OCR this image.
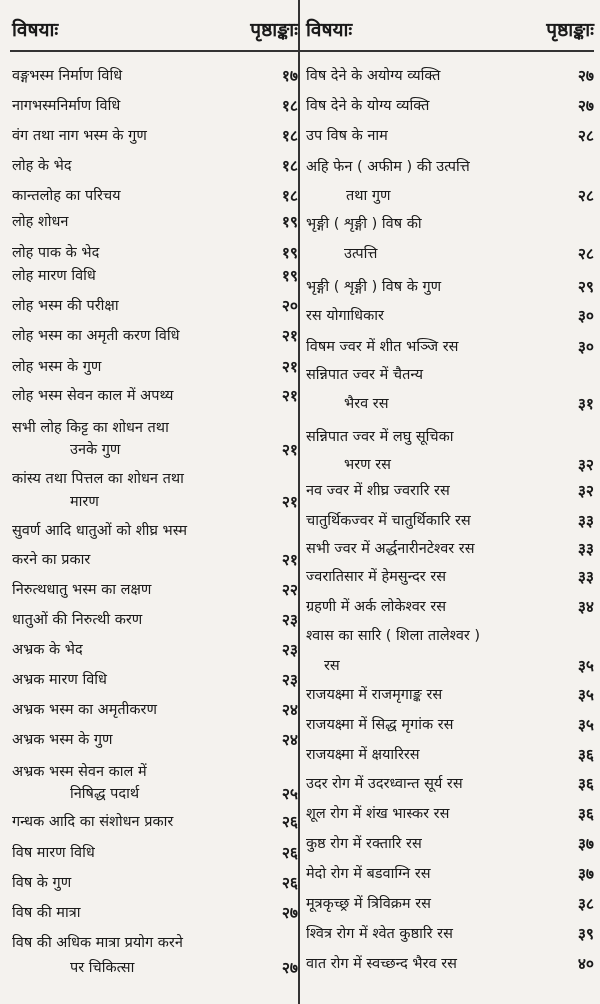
विषयाः	पृष्ठाङ्काः
वङ्गभस्म निर्माण विधि	१७
नागभस्मनिर्माण विधि	१८
वंग तथा नाग भस्म के गुण	१८
लोह के भेद	१८
कान्तलोह का परिचय	१८
लोह शोधन	१९
लोह पाक के भेद	१९
लोह मारण विधि	१९
लोह भस्म की परीक्षा	२०
लोह भस्म का अमृती करण विधि	२१
लोह भस्म के गुण	२१
लोह भस्म सेवन काल में अपथ्य	२१
सभी लोह किट्ट का शोधन तथा
उनके गुण	२१
कांस्य तथा पित्तल का शोधन तथा
मारण	२१
सुवर्ण आदि धातुओं को शीघ्र भस्म
करने का प्रकार	२१
निरुत्थधातु भस्म का लक्षण	२२
धातुओं की निरुत्थी करण	२३
अभ्रक के भेद	२३
अभ्रक मारण विधि	२३
अभ्रक भस्म का अमृतीकरण	२४
अभ्रक भस्म के गुण	२४
अभ्रक भस्म सेवन काल में
निषिद्ध पदार्थ	२५
गन्धक आदि का संशोधन प्रकार	२६
विष मारण विधि	२६
विष के गुण	२६
विष की मात्रा	२७
विष की अधिक मात्रा प्रयोग करने
पर चिकित्सा	२७
विषयाः	पृष्ठाङ्काः
विष देने के अयोग्य व्यक्ति	२७
विष देने के योग्य व्यक्ति	२७
उप विष के नाम	२८
अहि फेन ( अफीम ) की उत्पत्ति
तथा गुण	२८
भृङ्गी ( शृङ्गी ) विष की
उत्पत्ति	२८
भृङ्गी ( शृङ्गी ) विष के गुण	२९
रस योगाधिकार	३०
विषम ज्वर में शीत भञ्जि रस	३०
सन्निपात ज्वर में चैतन्य
भैरव रस	३१
सन्निपात ज्वर में लघु सूचिका
भरण रस	३२
नव ज्वर में शीघ्र ज्वरारि रस	३२
चातुर्थिकज्वर में चातुर्थिकारि रस	३३
सभी ज्वर में अर्द्धनारीनटेश्वर रस	३३
ज्वरातिसार में हेमसुन्दर रस	३३
ग्रहणी में अर्क लोकेश्वर रस	३४
श्वास का सारि ( शिला तालेश्वर )
रस	३५
राजयक्ष्मा में राजमृगाङ्क रस	३५
राजयक्ष्मा में सिद्ध मृगांक रस	३५
राजयक्ष्मा में क्षयारिरस	३६
उदर रोग में उदरध्वान्त सूर्य रस	३६
शूल रोग में शंख भास्कर रस	३६
कुष्ठ रोग में रक्तारि रस	३७
मेदो रोग में बडवाग्नि रस	३७
मूत्रकृच्छ्र में त्रिविक्रम रस	३८
श्वित्र रोग में श्वेत कुष्ठारि रस	३९
वात रोग में स्वच्छन्द भैरव रस	४०
